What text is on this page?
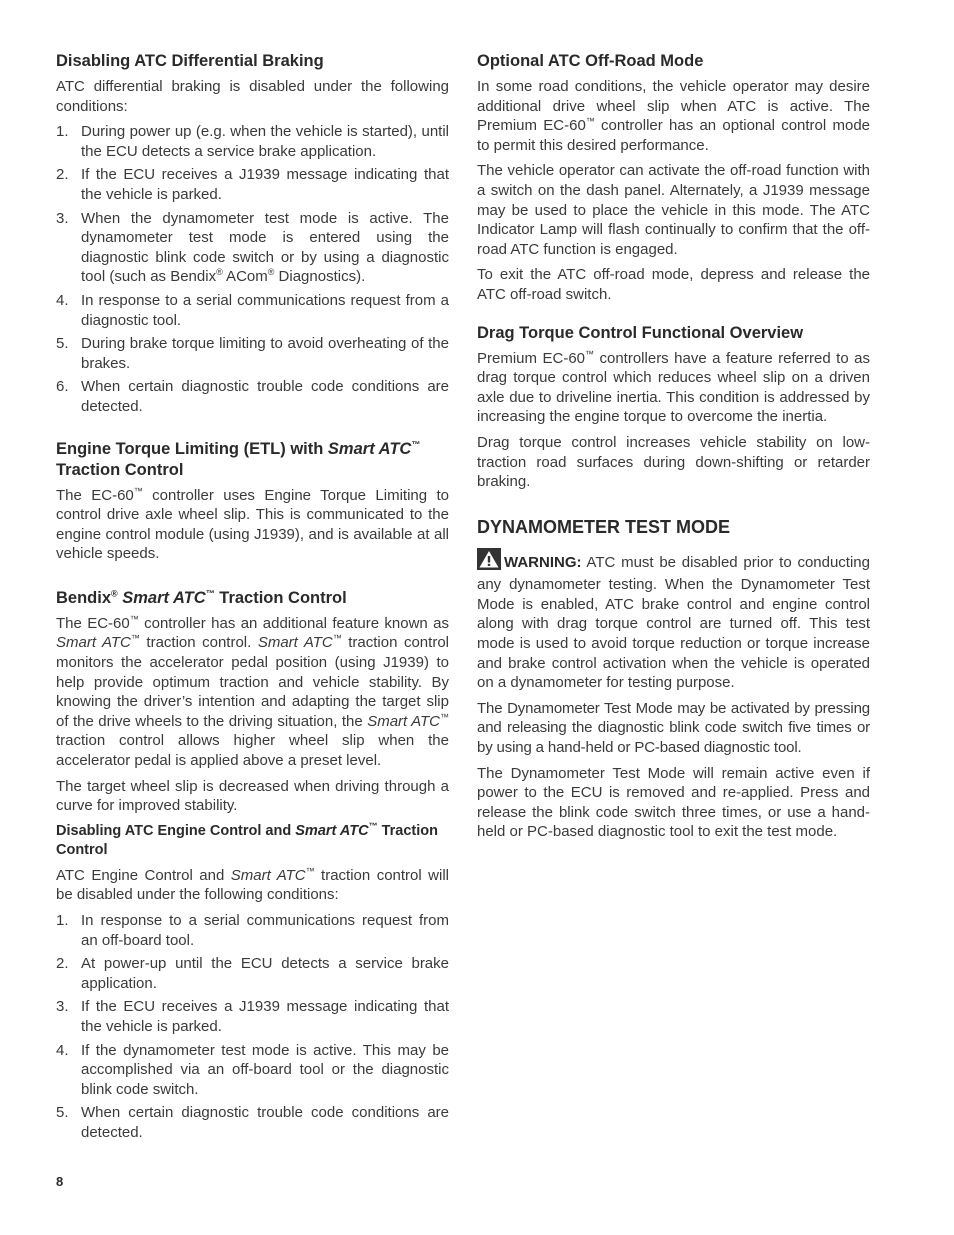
Disabling ATC Differential Braking

ATC differential braking is disabled under the following conditions:

1. During power up (e.g. when the vehicle is started), until the ECU detects a service brake application.
2. If the ECU receives a J1939 message indicating that the vehicle is parked.
3. When the dynamometer test mode is active. The dynamometer test mode is entered using the diagnostic blink code switch or by using a diagnostic tool (such as Bendix® ACom® Diagnostics).
4. In response to a serial communications request from a diagnostic tool.
5. During brake torque limiting to avoid overheating of the brakes.
6. When certain diagnostic trouble code conditions are detected.
Engine Torque Limiting (ETL) with Smart ATC™
Traction Control

The EC-60™ controller uses Engine Torque Limiting to control drive axle wheel slip. This is communicated to the engine control module (using J1939), and is available at all vehicle speeds.

Bendix® Smart ATC™ Traction Control

The EC-60™ controller has an additional feature known as Smart ATC™ traction control. Smart ATC™ traction control monitors the accelerator pedal position (using J1939) to help provide optimum traction and vehicle stability. By knowing the driver’s intention and adapting the target slip of the drive wheels to the driving situation, the Smart ATC™ traction control allows higher wheel slip when the accelerator pedal is applied above a preset level.

The target wheel slip is decreased when driving through a curve for improved stability.

Disabling ATC Engine Control and Smart ATC™ Traction Control

ATC Engine Control and Smart ATC™ traction control will be disabled under the following conditions:

1. In response to a serial communications request from an off-board tool.
2. At power-up until the ECU detects a service brake application.
3. If the ECU receives a J1939 message indicating that the vehicle is parked.
4. If the dynamometer test mode is active. This may be accomplished via an off-board tool or the diagnostic blink code switch.
5. When certain diagnostic trouble code conditions are detected.
Optional ATC Off-Road Mode

In some road conditions, the vehicle operator may desire additional drive wheel slip when ATC is active. The Premium EC-60™ controller has an optional control mode to permit this desired performance.

The vehicle operator can activate the off-road function with a switch on the dash panel. Alternately, a J1939 message may be used to place the vehicle in this mode. The ATC Indicator Lamp will flash continually to confirm that the off-road ATC function is engaged.

To exit the ATC off-road mode, depress and release the ATC off-road switch.

Drag Torque Control Functional Overview

Premium EC-60™ controllers have a feature referred to as drag torque control which reduces wheel slip on a driven axle due to driveline inertia. This condition is addressed by increasing the engine torque to overcome the inertia.

Drag torque control increases vehicle stability on low-traction road surfaces during down-shifting or retarder braking.

DYNAMOMETER TEST MODE

WARNING: ATC must be disabled prior to conducting any dynamometer testing. When the Dynamometer Test Mode is enabled, ATC brake control and engine control along with drag torque control are turned off. This test mode is used to avoid torque reduction or torque increase and brake control activation when the vehicle is operated on a dynamometer for testing purpose.

The Dynamometer Test Mode may be activated by pressing and releasing the diagnostic blink code switch five times or by using a hand-held or PC-based diagnostic tool.

The Dynamometer Test Mode will remain active even if power to the ECU is removed and re-applied. Press and release the blink code switch three times, or use a hand-held or PC-based diagnostic tool to exit the test mode.

8
